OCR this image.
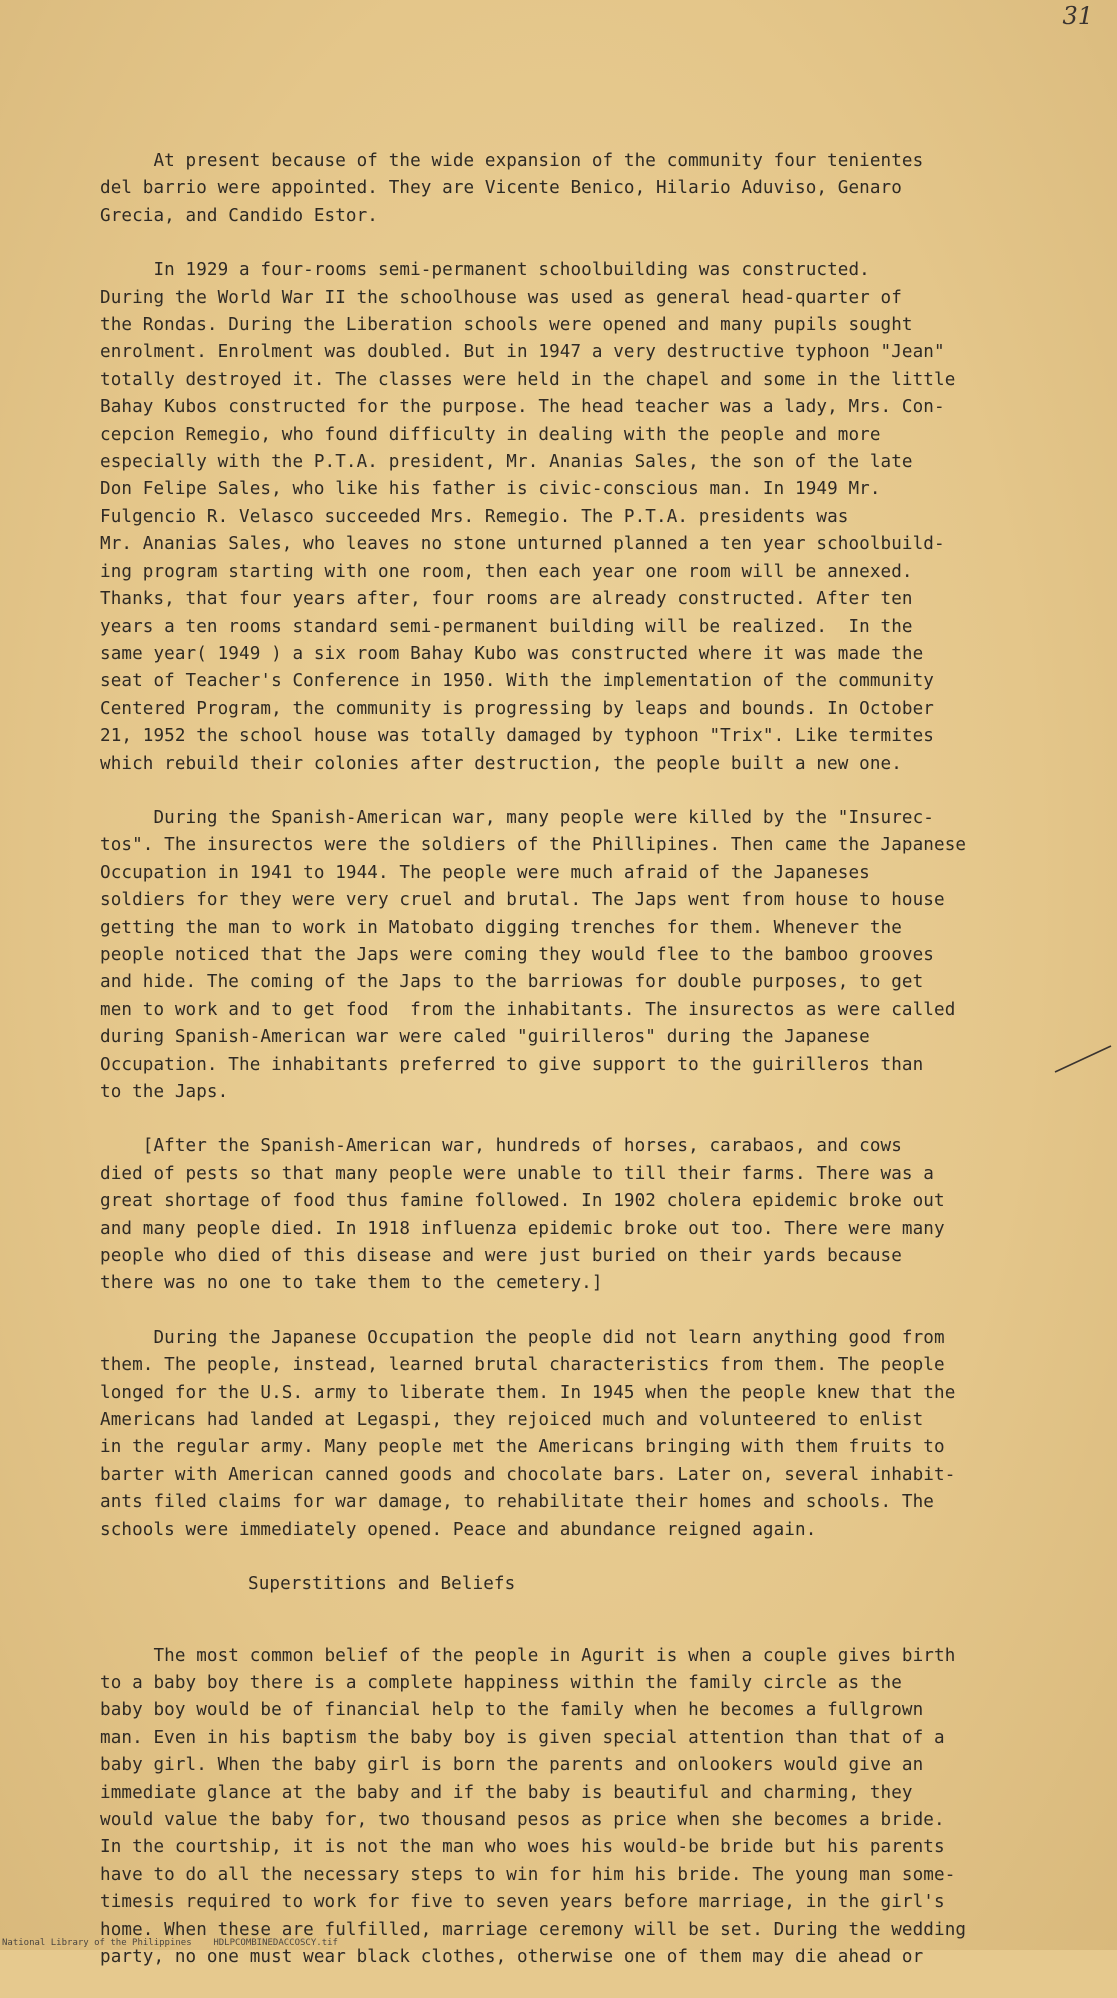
31
At present because of the wide expansion of the community four tenientes
del barrio were appointed. They are Vicente Benico, Hilario Aduviso, Genaro
Grecia, and Candido Estor.
In 1929 a four-rooms semi-permanent schoolbuilding was constructed.
During the World War II the schoolhouse was used as general head-quarter of
the Rondas. During the Liberation schools were opened and many pupils sought
enrolment. Enrolment was doubled. But in 1947 a very destructive typhoon "Jean"
totally destroyed it. The classes were held in the chapel and some in the little
Bahay Kubos constructed for the purpose. The head teacher was a lady, Mrs. Con-
cepcion Remegio, who found difficulty in dealing with the people and more
especially with the P.T.A. president, Mr. Ananias Sales, the son of the late
Don Felipe Sales, who like his father is civic-conscious man. In 1949 Mr.
Fulgencio R. Velasco succeeded Mrs. Remegio. The P.T.A. presidents was
Mr. Ananias Sales, who leaves no stone unturned planned a ten year schoolbuild-
ing program starting with one room, then each year one room will be annexed.
Thanks, that four years after, four rooms are already constructed. After ten
years a ten rooms standard semi-permanent building will be realized.  In the
same year( 1949 ) a six room Bahay Kubo was constructed where it was made the
seat of Teacher's Conference in 1950. With the implementation of the community
Centered Program, the community is progressing by leaps and bounds. In October
21, 1952 the school house was totally damaged by typhoon "Trix". Like termites
which rebuild their colonies after destruction, the people built a new one.
During the Spanish-American war, many people were killed by the "Insurec-
tos". The insurectos were the soldiers of the Phillipines. Then came the Japanese
Occupation in 1941 to 1944. The people were much afraid of the Japaneses
soldiers for they were very cruel and brutal. The Japs went from house to house
getting the man to work in Matobato digging trenches for them. Whenever the
people noticed that the Japs were coming they would flee to the bamboo grooves
and hide. The coming of the Japs to the barriowas for double purposes, to get
men to work and to get food  from the inhabitants. The insurectos as were called
during Spanish-American war were caled "guirilleros" during the Japanese
Occupation. The inhabitants preferred to give support to the guirilleros than
to the Japs.
[After the Spanish-American war, hundreds of horses, carabaos, and cows
died of pests so that many people were unable to till their farms. There was a
great shortage of food thus famine followed. In 1902 cholera epidemic broke out
and many people died. In 1918 influenza epidemic broke out too. There were many
people who died of this disease and were just buried on their yards because
there was no one to take them to the cemetery.]
During the Japanese Occupation the people did not learn anything good from
them. The people, instead, learned brutal characteristics from them. The people
longed for the U.S. army to liberate them. In 1945 when the people knew that the
Americans had landed at Legaspi, they rejoiced much and volunteered to enlist
in the regular army. Many people met the Americans bringing with them fruits to
barter with American canned goods and chocolate bars. Later on, several inhabit-
ants filed claims for war damage, to rehabilitate their homes and schools. The
schools were immediately opened. Peace and abundance reigned again.
Superstitions and Beliefs
The most common belief of the people in Agurit is when a couple gives birth
to a baby boy there is a complete happiness within the family circle as the
baby boy would be of financial help to the family when he becomes a fullgrown
man. Even in his baptism the baby boy is given special attention than that of a
baby girl. When the baby girl is born the parents and onlookers would give an
immediate glance at the baby and if the baby is beautiful and charming, they
would value the baby for, two thousand pesos as price when she becomes a bride.
In the courtship, it is not the man who woes his would-be bride but his parents
have to do all the necessary steps to win for him his bride. The young man some-
timesis required to work for five to seven years before marriage, in the girl's
home. When these are fulfilled, marriage ceremony will be set. During the wedding
party, no one must wear black clothes, otherwise one of them may die ahead or
National Library of the Philippines    HDLPCOMBINEDACCOSCY.tif
